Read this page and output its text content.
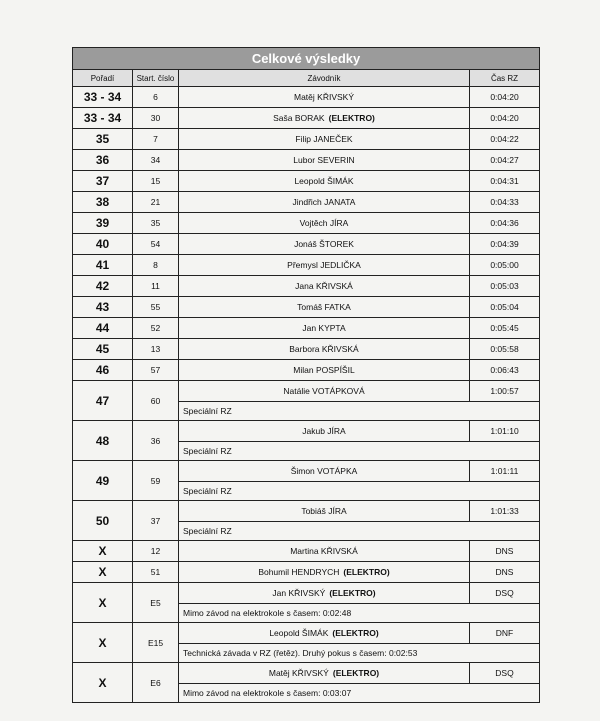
Celkové výsledky			
Pořadí	Start. číslo	Závodník	Čas RZ
33 - 34	6	Matěj KŘIVSKÝ	0:04:20
33 - 34	30	Saša BORAK (ELEKTRO)	0:04:20
35	7	Filip JANEČEK	0:04:22
36	34	Lubor SEVERIN	0:04:27
37	15	Leopold ŠIMÁK	0:04:31
38	21	Jindřich JANATA	0:04:33
39	35	Vojtěch JÍRA	0:04:36
40	54	Jonáš ŠTOREK	0:04:39
41	8	Přemysl JEDLIČKA	0:05:00
42	11	Jana KŘIVSKÁ	0:05:03
43	55	Tomáš FATKA	0:05:04
44	52	Jan KYPTA	0:05:45
45	13	Barbora KŘIVSKÁ	0:05:58
46	57	Milan POSPÍŠIL	0:06:43
47	60	Natálie VOTÁPKOVÁ	1:00:57
		Speciální RZ	
48	36	Jakub JÍRA	1:01:10
		Speciální RZ	
49	59	Šimon VOTÁPKA	1:01:11
		Speciální RZ	
50	37	Tobiáš JÍRA	1:01:33
		Speciální RZ	
X	12	Martina KŘIVSKÁ	DNS
X	51	Bohumil HENDRYCH (ELEKTRO)	DNS
X	E5	Jan KŘIVSKÝ (ELEKTRO)	DSQ
		Mimo závod na elektrokole s časem: 0:02:48	
X	E15	Leopold ŠIMÁK (ELEKTRO)	DNF
		Technická závada v RZ (řetěz). Druhý pokus s časem: 0:02:53	
X	E6	Matěj KŘIVSKÝ (ELEKTRO)	DSQ
		Mimo závod na elektrokole s časem: 0:03:07	
